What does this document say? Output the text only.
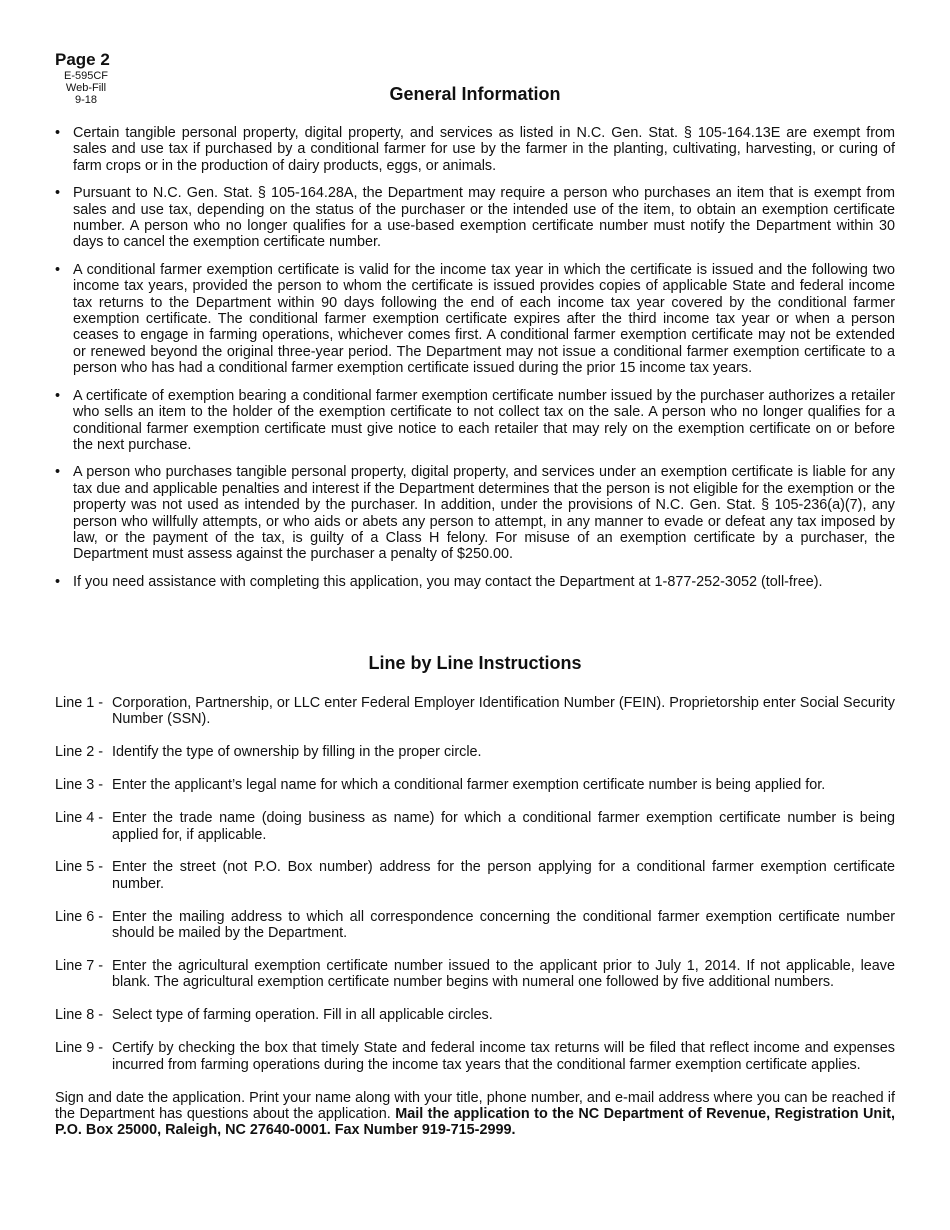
Page 2
E-595CF
Web-Fill
9-18	General Information
• Certain tangible personal property, digital property, and services as listed in N.C. Gen. Stat. § 105-164.13E are exempt from sales and use tax if purchased by a conditional farmer for use by the farmer in the planting, cultivating, harvesting, or curing of farm crops or in the production of dairy products, eggs, or animals.
• Pursuant to N.C. Gen. Stat. § 105-164.28A, the Department may require a person who purchases an item that is exempt from sales and use tax, depending on the status of the purchaser or the intended use of the item, to obtain an exemption certificate number. A person who no longer qualifies for a use-based exemption certificate number must notify the Department within 30 days to cancel the exemption certificate number.
• A conditional farmer exemption certificate is valid for the income tax year in which the certificate is issued and the following two income tax years, provided the person to whom the certificate is issued provides copies of applicable State and federal income tax returns to the Department within 90 days following the end of each income tax year covered by the conditional farmer exemption certificate. The conditional farmer exemption certificate expires after the third income tax year or when a person ceases to engage in farming operations, whichever comes first. A conditional farmer exemption certificate may not be extended or renewed beyond the original three-year period. The Department may not issue a conditional farmer exemption certificate to a person who has had a conditional farmer exemption certificate issued during the prior 15 income tax years.
• A certificate of exemption bearing a conditional farmer exemption certificate number issued by the purchaser authorizes a retailer who sells an item to the holder of the exemption certificate to not collect tax on the sale. A person who no longer qualifies for a conditional farmer exemption certificate must give notice to each retailer that may rely on the exemption certificate on or before the next purchase.
• A person who purchases tangible personal property, digital property, and services under an exemption certificate is liable for any tax due and applicable penalties and interest if the Department determines that the person is not eligible for the exemption or the property was not used as intended by the purchaser. In addition, under the provisions of N.C. Gen. Stat. § 105-236(a)(7), any person who willfully attempts, or who aids or abets any person to attempt, in any manner to evade or defeat any tax imposed by law, or the payment of the tax, is guilty of a Class H felony. For misuse of an exemption certificate by a purchaser, the Department must assess against the purchaser a penalty of $250.00.
• If you need assistance with completing this application, you may contact the Department at 1-877-252-3052 (toll-free).
Line by Line Instructions
Line 1 - Corporation, Partnership, or LLC enter Federal Employer Identification Number (FEIN). Proprietorship enter Social Security Number (SSN).
Line 2 - Identify the type of ownership by filling in the proper circle.
Line 3 - Enter the applicant’s legal name for which a conditional farmer exemption certificate number is being applied for.
Line 4 - Enter the trade name (doing business as name) for which a conditional farmer exemption certificate number is being applied for, if applicable.
Line 5 - Enter the street (not P.O. Box number) address for the person applying for a conditional farmer exemption certificate number.
Line 6 - Enter the mailing address to which all correspondence concerning the conditional farmer exemption certificate number should be mailed by the Department.
Line 7 - Enter the agricultural exemption certificate number issued to the applicant prior to July 1, 2014. If not applicable, leave blank. The agricultural exemption certificate number begins with numeral one followed by five additional numbers.
Line 8 - Select type of farming operation. Fill in all applicable circles.
Line 9 - Certify by checking the box that timely State and federal income tax returns will be filed that reflect income and expenses incurred from farming operations during the income tax years that the conditional farmer exemption certificate applies.
Sign and date the application. Print your name along with your title, phone number, and e-mail address where you can be reached if the Department has questions about the application. Mail the application to the NC Department of Revenue, Registration Unit, P.O. Box 25000, Raleigh, NC 27640-0001. Fax Number 919-715-2999.
